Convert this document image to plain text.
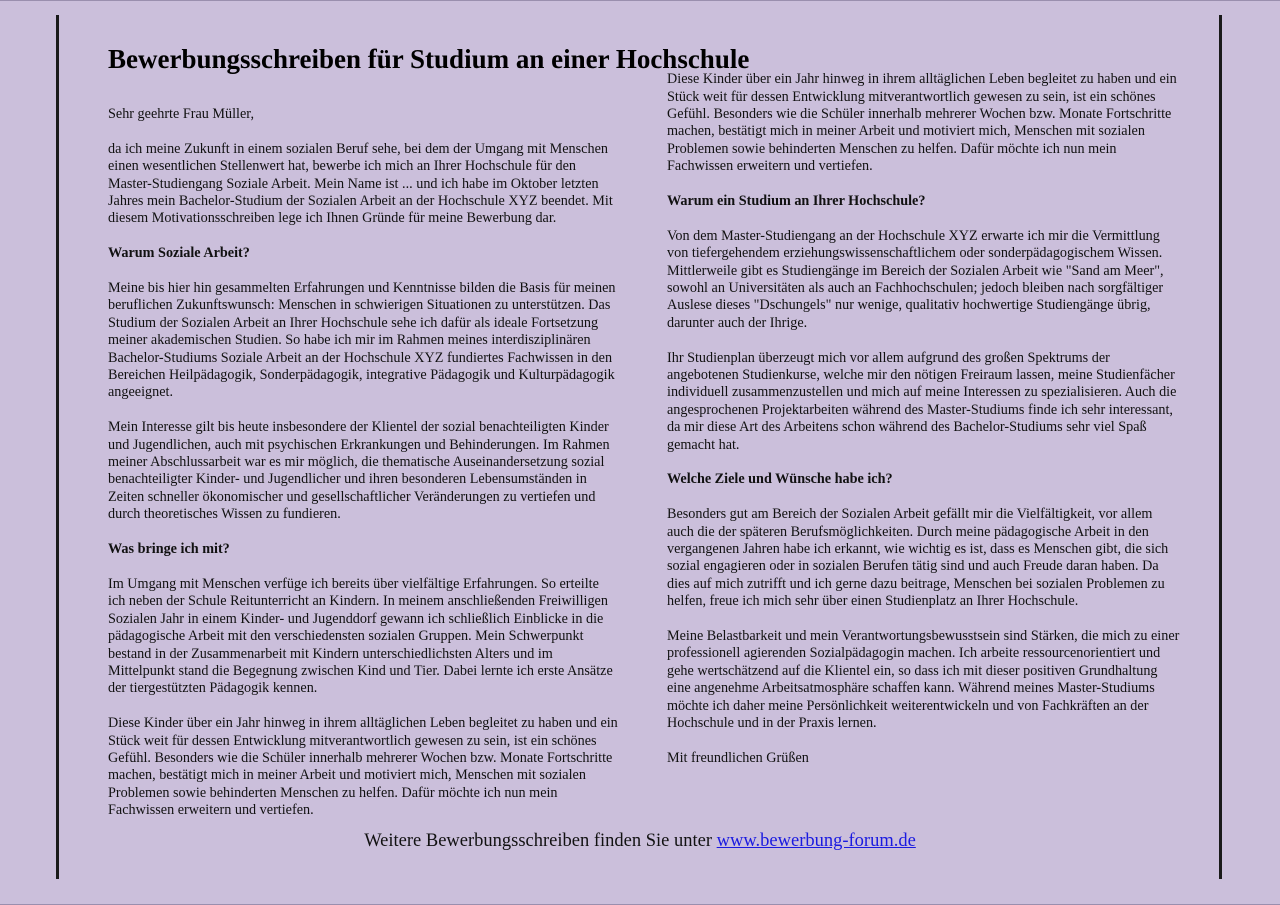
Bewerbungsschreiben für Studium an einer Hochschule

Sehr geehrte Frau Müller,

da ich meine Zukunft in einem sozialen Beruf sehe, bei dem der Umgang mit Menschen einen wesentlichen Stellenwert hat, bewerbe ich mich an Ihrer Hochschule für den Master-Studiengang Soziale Arbeit. Mein Name ist ... und ich habe im Oktober letzten Jahres mein Bachelor-Studium der Sozialen Arbeit an der Hochschule XYZ beendet. Mit diesem Motivationsschreiben lege ich Ihnen Gründe für meine Bewerbung dar.

Warum Soziale Arbeit?

Meine bis hier hin gesammelten Erfahrungen und Kenntnisse bilden die Basis für meinen beruflichen Zukunftswunsch: Menschen in schwierigen Situationen zu unterstützen. Das Studium der Sozialen Arbeit an Ihrer Hochschule sehe ich dafür als ideale Fortsetzung meiner akademischen Studien. So habe ich mir im Rahmen meines interdisziplinären Bachelor-Studiums Soziale Arbeit an der Hochschule XYZ fundiertes Fachwissen in den Bereichen Heilpädagogik, Sonderpädagogik, integrative Pädagogik und Kulturpädagogik angeeignet.

Mein Interesse gilt bis heute insbesondere der Klientel der sozial benachteiligten Kinder und Jugendlichen, auch mit psychischen Erkrankungen und Behinderungen. Im Rahmen meiner Abschlussarbeit war es mir möglich, die thematische Auseinandersetzung sozial benachteiligter Kinder- und Jugendlicher und ihren besonderen Lebensumständen in Zeiten schneller ökonomischer und gesellschaftlicher Veränderungen zu vertiefen und durch theoretisches Wissen zu fundieren.

Was bringe ich mit?

Im Umgang mit Menschen verfüge ich bereits über vielfältige Erfahrungen. So erteilte ich neben der Schule Reitunterricht an Kindern. In meinem anschließenden Freiwilligen Sozialen Jahr in einem Kinder- und Jugenddorf gewann ich schließlich Einblicke in die pädagogische Arbeit mit den verschiedensten sozialen Gruppen. Mein Schwerpunkt bestand in der Zusammenarbeit mit Kindern unterschiedlichsten Alters und im Mittelpunkt stand die Begegnung zwischen Kind und Tier. Dabei lernte ich erste Ansätze der tiergestützten Pädagogik kennen.

Diese Kinder über ein Jahr hinweg in ihrem alltäglichen Leben begleitet zu haben und ein Stück weit für dessen Entwicklung mitverantwortlich gewesen zu sein, ist ein schönes Gefühl. Besonders wie die Schüler innerhalb mehrerer Wochen bzw. Monate Fortschritte machen, bestätigt mich in meiner Arbeit und motiviert mich, Menschen mit sozialen Problemen sowie behinderten Menschen zu helfen. Dafür möchte ich nun mein Fachwissen erweitern und vertiefen.

Diese Kinder über ein Jahr hinweg in ihrem alltäglichen Leben begleitet zu haben und ein Stück weit für dessen Entwicklung mitverantwortlich gewesen zu sein, ist ein schönes Gefühl. Besonders wie die Schüler innerhalb mehrerer Wochen bzw. Monate Fortschritte machen, bestätigt mich in meiner Arbeit und motiviert mich, Menschen mit sozialen Problemen sowie behinderten Menschen zu helfen. Dafür möchte ich nun mein Fachwissen erweitern und vertiefen.

Warum ein Studium an Ihrer Hochschule?

Von dem Master-Studiengang an der Hochschule XYZ erwarte ich mir die Vermittlung von tiefergehendem erziehungswissenschaftlichem oder sonderpädagogischem Wissen. Mittlerweile gibt es Studiengänge im Bereich der Sozialen Arbeit wie "Sand am Meer", sowohl an Universitäten als auch an Fachhochschulen; jedoch bleiben nach sorgfältiger Auslese dieses "Dschungels" nur wenige, qualitativ hochwertige Studiengänge übrig, darunter auch der Ihrige.

Ihr Studienplan überzeugt mich vor allem aufgrund des großen Spektrums der angebotenen Studienkurse, welche mir den nötigen Freiraum lassen, meine Studienfächer individuell zusammenzustellen und mich auf meine Interessen zu spezialisieren. Auch die angesprochenen Projektarbeiten während des Master-Studiums finde ich sehr interessant, da mir diese Art des Arbeitens schon während des Bachelor-Studiums sehr viel Spaß gemacht hat.

Welche Ziele und Wünsche habe ich?

Besonders gut am Bereich der Sozialen Arbeit gefällt mir die Vielfältigkeit, vor allem auch die der späteren Berufsmöglichkeiten. Durch meine pädagogische Arbeit in den vergangenen Jahren habe ich erkannt, wie wichtig es ist, dass es Menschen gibt, die sich sozial engagieren oder in sozialen Berufen tätig sind und auch Freude daran haben. Da dies auf mich zutrifft und ich gerne dazu beitrage, Menschen bei sozialen Problemen zu helfen, freue ich mich sehr über einen Studienplatz an Ihrer Hochschule.

Meine Belastbarkeit und mein Verantwortungsbewusstsein sind Stärken, die mich zu einer professionell agierenden Sozialpädagogin machen. Ich arbeite ressourcenorientiert und gehe wertschätzend auf die Klientel ein, so dass ich mit dieser positiven Grundhaltung eine angenehme Arbeitsatmosphäre schaffen kann. Während meines Master-Studiums möchte ich daher meine Persönlichkeit weiterentwickeln und von Fachkräften an der Hochschule und in der Praxis lernen.

Mit freundlichen Grüßen

Weitere Bewerbungsschreiben finden Sie unter www.bewerbung-forum.de
